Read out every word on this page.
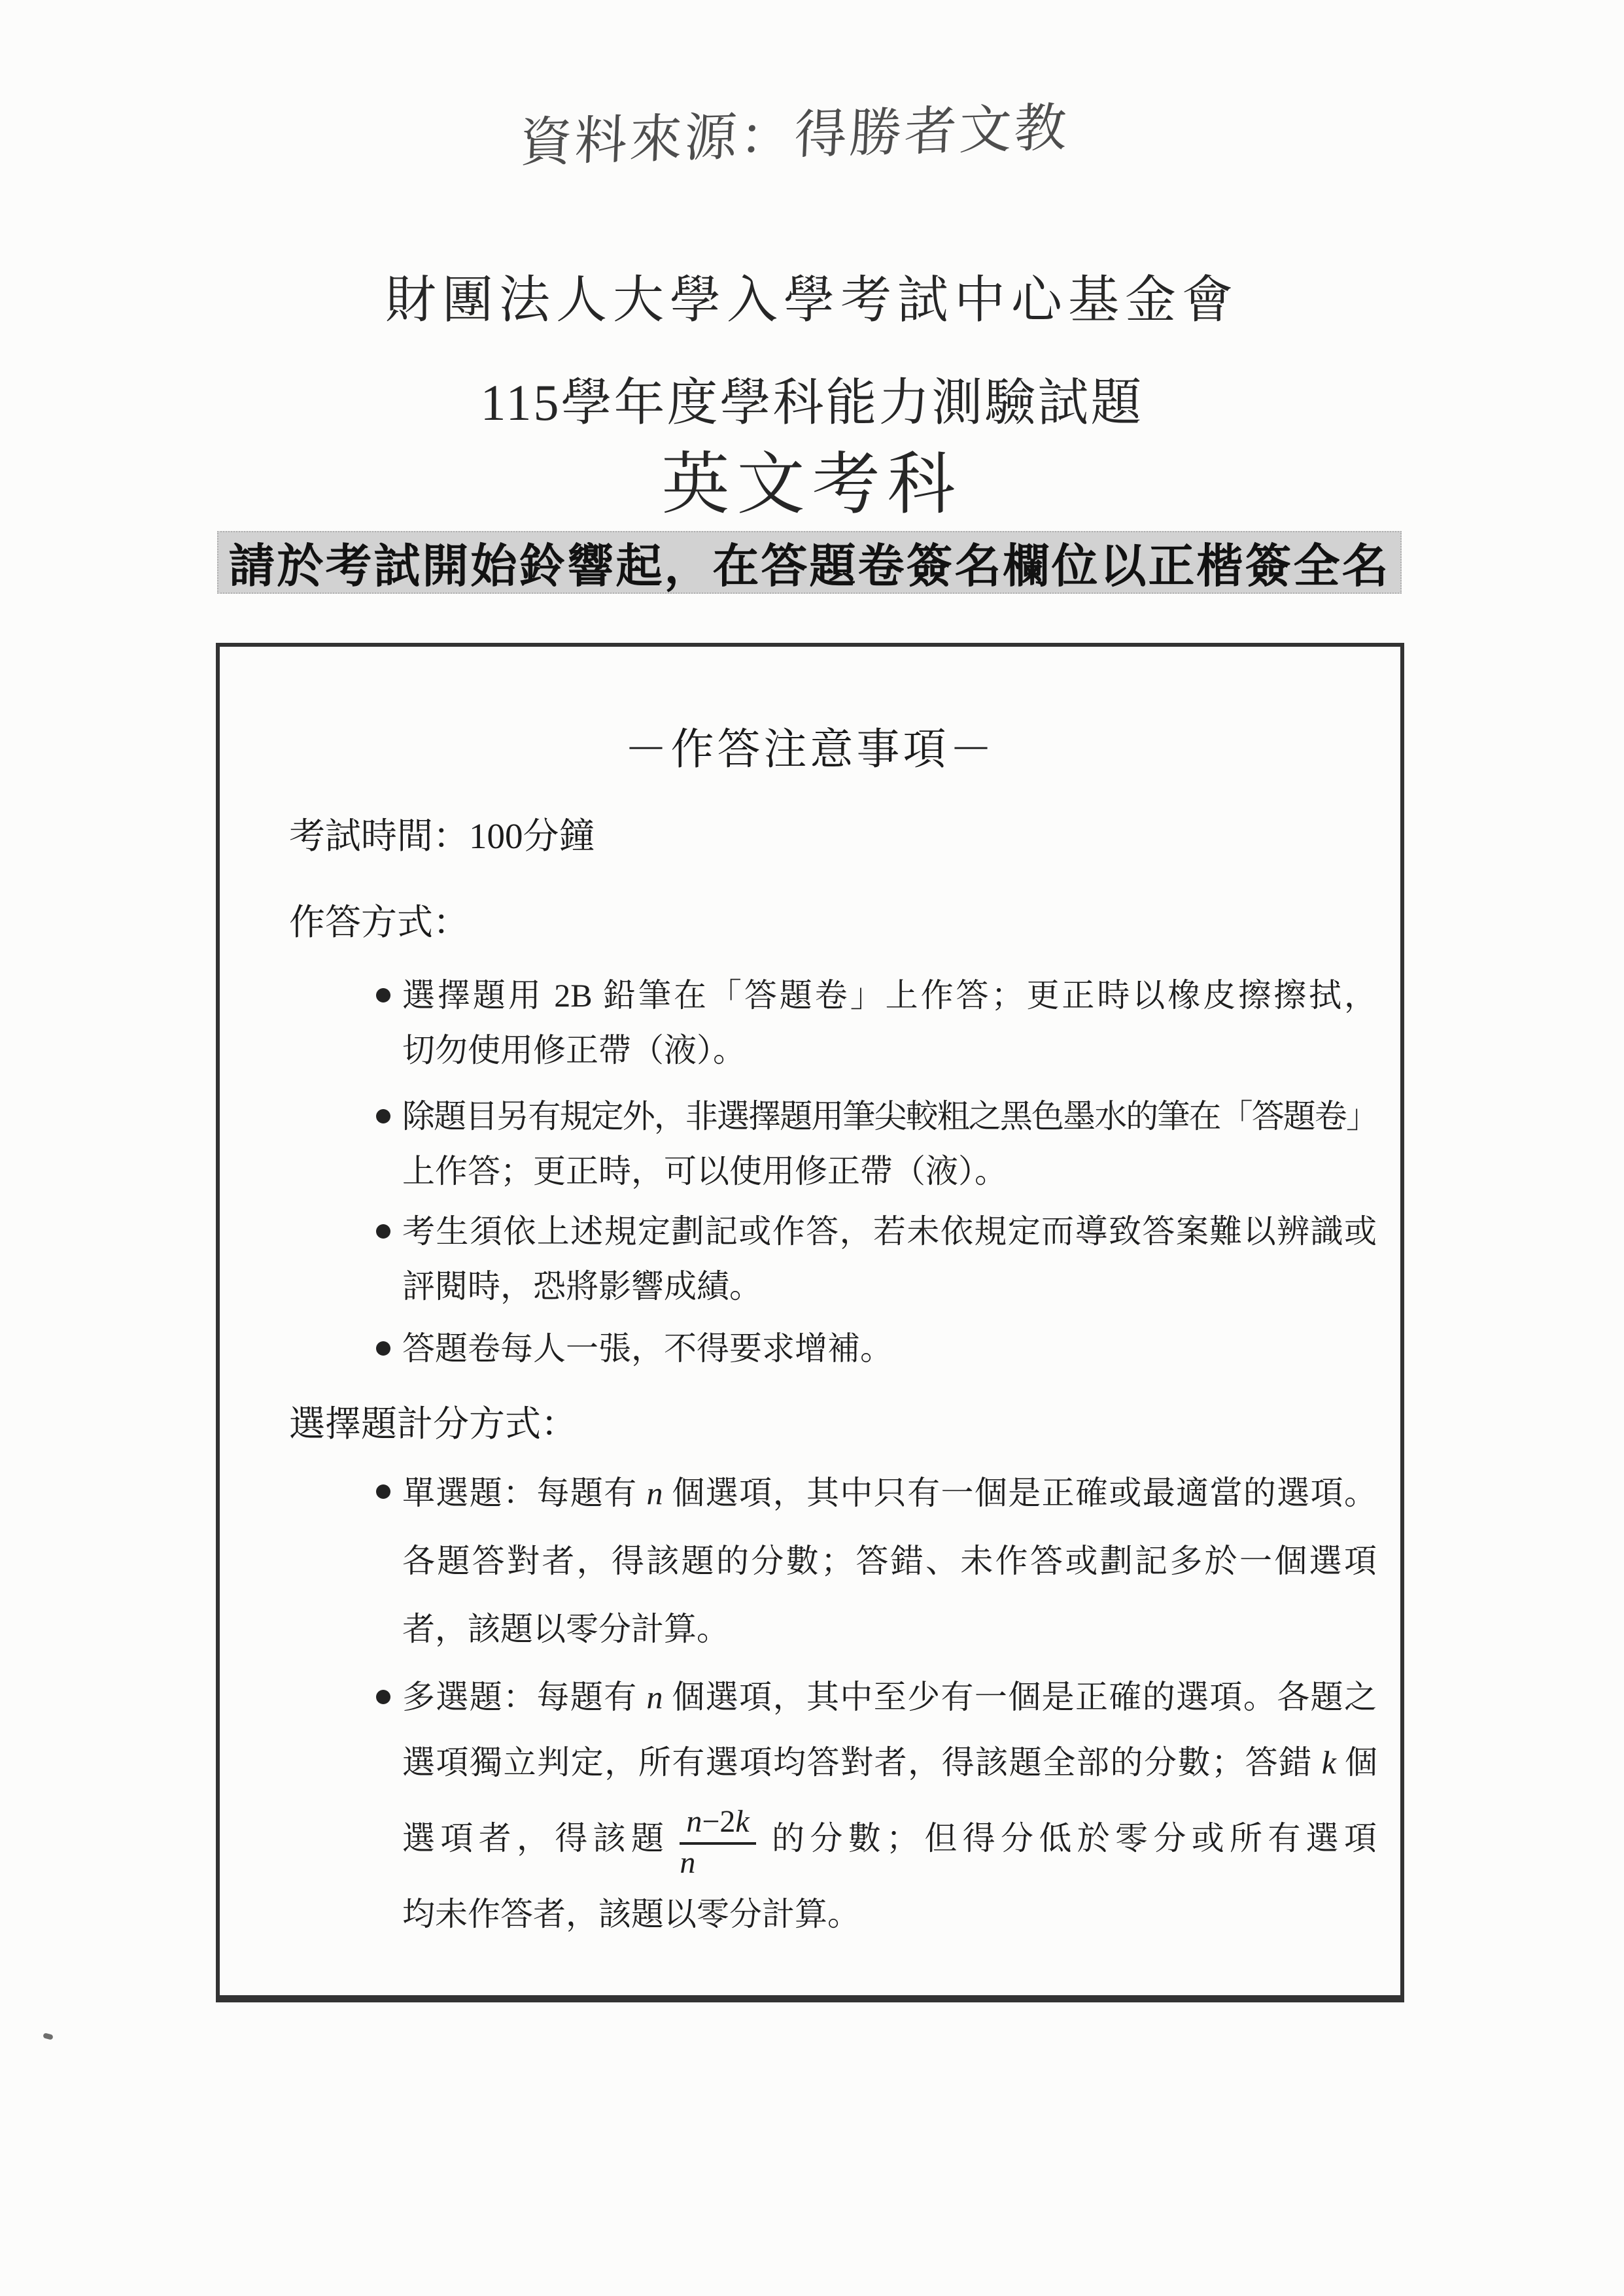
資料來源：得勝者文教
財團法人大學入學考試中心基金會
115學年度學科能力測驗試題
英文考科
請於考試開始鈴響起，在答題卷簽名欄位以正楷簽全名
－作答注意事項－
考試時間：100分鐘
作答方式：
選擇題用 2B 鉛筆在「答題卷」上作答；更正時以橡皮擦擦拭，
切勿使用修正帶（液）。
除題目另有規定外，非選擇題用筆尖較粗之黑色墨水的筆在「答題卷」
上作答；更正時，可以使用修正帶（液）。
考生須依上述規定劃記或作答，若未依規定而導致答案難以辨識或
評閱時，恐將影響成績。
答題卷每人一張，不得要求增補。
選擇題計分方式：
單選題：每題有 n 個選項，其中只有一個是正確或最適當的選項。
各題答對者，得該題的分數；答錯、未作答或劃記多於一個選項
者，該題以零分計算。
多選題：每題有 n 個選項，其中至少有一個是正確的選項。各題之
選項獨立判定，所有選項均答對者，得該題全部的分數；答錯 k 個
選項者，得該題 $\frac{n-2k}{n}$ 的分數；但得分低於零分或所有選項
均未作答者，該題以零分計算。
